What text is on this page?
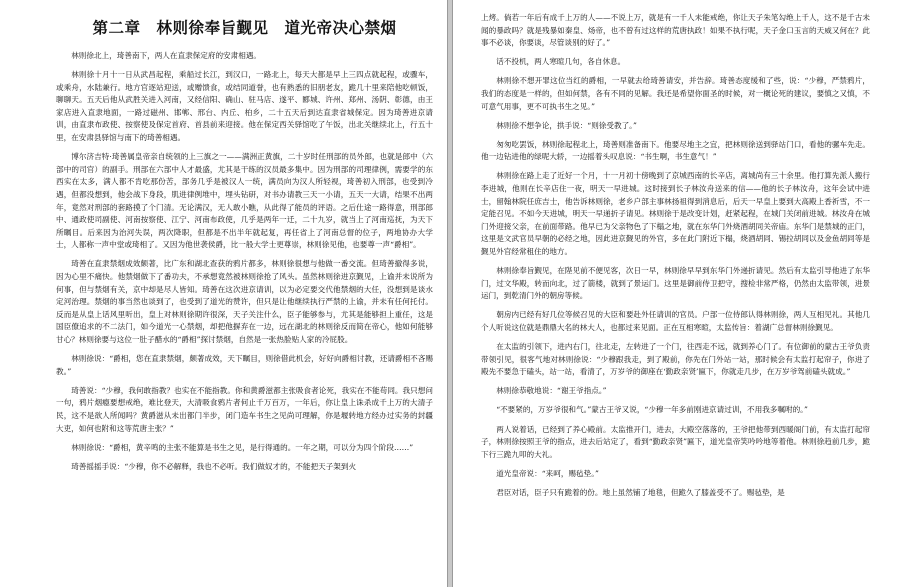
第二章　林则徐奉旨觐见　道光帝决心禁烟

林则徐北上，琦善南下，两人在直隶保定府的安肃相遇。

林则徐十月十一日从武昌起程，乘船过长江，到汉口，一路北上，每天大都是早上三四点就起程，或骤车，或乘舟，水陆兼行。地方官逐站迎送，或赠馈食，或结同道誉，也有熟悉的旧朋老友，跪几十里来陪他吃顿饭，聊聊天。五天后他从武胜关进入河南，又经信阳、确山、驻马店、遂平、郾城、许州、郑州、汤阴、彰德，由王家店进入直隶地面，一路过磁州、邯郸、邢台、内丘、柏乡，二十五天后到达直隶省城保定。因为琦善进京请训，由直隶布政使、按察使及保定首府、首县前来迎接。他在保定西关驿馆吃了午饭，出北关继续北上，行五十里，在安肃县驿馆与南下的琦善相遇。

博尔济吉特·琦善属皇帝亲自统领的上三旗之一——满洲正黄旗，二十岁时任刑部的员外郎，也就是郎中（六部中的司官）的副手。刑部在六部中人才最盛，尤其是干练的汉员最多集中。因为刑部的司理律例，需要学的东西实在太多，满人都不肯吃那份苦，部务几乎是被汉人一统，满员向为汉人所轻视，琦善初入刑部，也受到冷遇，但都没想到，他会战下身段，肌进律例堆中，埋头钻研，对书办请教三天一小请，五天一大请，结果不出两年，竟然对刑部的套路摸了个门清。无论满汉，无人敢小瞧，从此得了能员的评语。之后仕途一路得意，刑部郎中、通政使司副使、河南按察使、江宁、河南布政使，几乎是两年一迁，二十九岁，就当上了河南巡抚，为天下所瞩目。后来因为治河失误，两次降职，但都是不出半年就起复，再任省上了河南总督的位子，两地协办大学士，人都称一声中堂或琦相了。又因为他世袭侯爵，比一般大学士更尊崇，林则徐见他，也要尊一声“爵相”。

琦善在直隶禁烟成效颇著，比广东和湖北查获的鸦片都多，林则徐很想与他做一番交流。但琦善撤得多说，因为心里不痛快。他禁烟做下了番功夫，不承想竟然被林则徐抢了风头。虽然林则徐进京觐见，上谕并未说所为何事，但与禁烟有关，京中却是尽人皆知。琦善在这次进京请训，以为必定要交代他禁烟的大任，没想到是谈水定河治理。禁烟的事当然也谈到了，也受到了道光的赞许，但只是让他继续执行严禁的上谕，并未有任何托付。反而是从皇上话风里听出，皇上对林则徐期许很深，天子关注什么，臣子能够参与，尤其是能够担上重任，这是国臣僚追求的不二法门，如今道光一心禁烟，却把他摒弃在一边，远在湖北的林则徐反而简在帝心，他如何能够甘心？林则徐要与这位一肚子醋水的“爵相”探讨禁烟，自然是一张热脸贴人家的冷屁股。

林则徐说：“爵相，您在直隶禁烟，颇著成效，天下瞩目，则徐借此机会，好好向爵相讨教，还请爵相不吝赐教。”

琦善说：“少穆，我何敢指教？也实在不能指教。你和黄爵滋都主张吸食者论死，我实在不能苟同。我只想问一句，鸦片烟瘾要想戒绝，难比登天，大清吸食鸦片者何止千万百万，一年后，你让皇上诛杀成千上万的大清子民，这不是欲人所闻吗？黄爵滋从未出都门半步，闭门造车书生之见尚可理解，你是堰转地方经办过实务的封疆大吏，如何也附和这等荒唐主张？”

林则徐说：“爵相，黄辛鸣的主张不能算是书生之见，是行得通的。一年之期，可以分为四个阶段……”

琦善摇摇手说：“少穆，你不必解释，我也不必听。我们做奴才的，不能把天子架到火

上烤。倘若一年后有成千上万的人——不说上万，就是有一千人未能戒绝，你让天子朱笔勾绝上千人，这不是千古未闻的暴政吗？就是残暴如秦皇、炀帝，也不曾有过这样的荒唐执政！如果不执行呢，天子金口玉言的天威又何在？此事不必谈，你要谈，尽管谈别的好了。”

话不投机，两人寒暄几句，各自休息。

林则徐不想开罪这位当红的爵相，一早就去给琦善请安，并告辞。琦善态度缓和了些，说：“少穆，严禁鸦片，我们的态度是一样的，但如何禁，各有不同的见解。我还是希望你面圣的时候，对一概论死的建议，要慎之又慎，不可意气用事，更不可执书生之见。”

林则徐不想争论，拱手说：“则徐受教了。”

匆匆吃罢饭，林则徐起程北上，琦善则准备南下。他要尽地主之宜，把林则徐送到驿站门口，看他的骡车先走。他一边钻进他的绿呢大轿，一边摇着头叹息说：“书生啊，书生意气！”

林则徐在路上走了近好一个月，十一月初十傍晚到了京城西南的长辛店，离城尚有三十余里。他打算先派人搬行李进城，他则在长辛店住一夜，明天一早进城。这时接到长子林汝舟送来的信——他的长子林汝舟，这年会试中进士，留翰林院任庶吉士，他告诉林则徐，老乡户部主事林扬祖得到消息后，后天一早皇上要到大高殿上香祈雪，不一定能召见。不如今天进城，明天一早递折子请见。林则徐于是改变计划，赶紧起程，在城门关闭前进城。林汝舟在城门外迎接父亲，在前面带路。他早已为父亲物色了下榻之地，就在东华门外烧酒胡同关帝庙。东华门是禁城的正门，这里是文武官员早朝的必经之地，因此进京觐见的外官，多在此门附近下榻，烧酒胡同、锡拉胡同以及金鱼胡同等是觐见外官经常租住的地方。

林则徐奉旨觐见，在陛见前不便见客，次日一早，林则徐早早到东华门外递折请见。然后有太监引导他进了东华门，过文华殿，转而向北，过了箭楼，就到了景运门。这里是御前侍卫把守，搜检非常严格，仍然由太监带领，进景运门，到乾清门外的朝房等候。

朝房内已经有好几位等候召见的大臣和要赴外任请训的官员。户部一位侍郎认得林则徐，两人互相见礼。其他几个人听说这位就是鼎鼎大名的林大人，也都过来见面。正在互相寒暄，太监传旨：着湖广总督林则徐觐见。

在太监的引领下，进内右门，往北走，左转进了一个门，往西走不远，就到养心门了。有位御前的蒙古王爷负责带领引见，很客气地对林则徐说：“少穆跟我走，到了殿前，你先在门外站一站，那时候会有太监打起帘子，你进了殿先不要急于磕头，站一站，看清了，万岁爷的御座在‘勤政亲贤’匾下，你就走几步，在万岁爷驾前磕头就成。”

林则徐恭敬地说：“谢王爷指点。”

“不要紧的，万岁爷很和气。”蒙古王爷又说，“少穆一年多前刚进京请过训，不用我多嘱咐的。”

两人说着话，已经到了养心殿前。太监推开门，进去，大殿空落落的，王爷把他带到西暖阁门前，有太监打起帘子，林则徐按照王爷的指点，进去后站定了，看到“勤政亲贤”匾下，道光皇帝笑吟吟地等着他。林则徐趋前几步，跪下行三跪九叩的大礼。

道光皇帝说：“来呵，赐毡垫。”

君臣对话，臣子只有跪着的份。地上虽然铺了地毯，但跪久了膝盖受不了。赐毡垫，是
